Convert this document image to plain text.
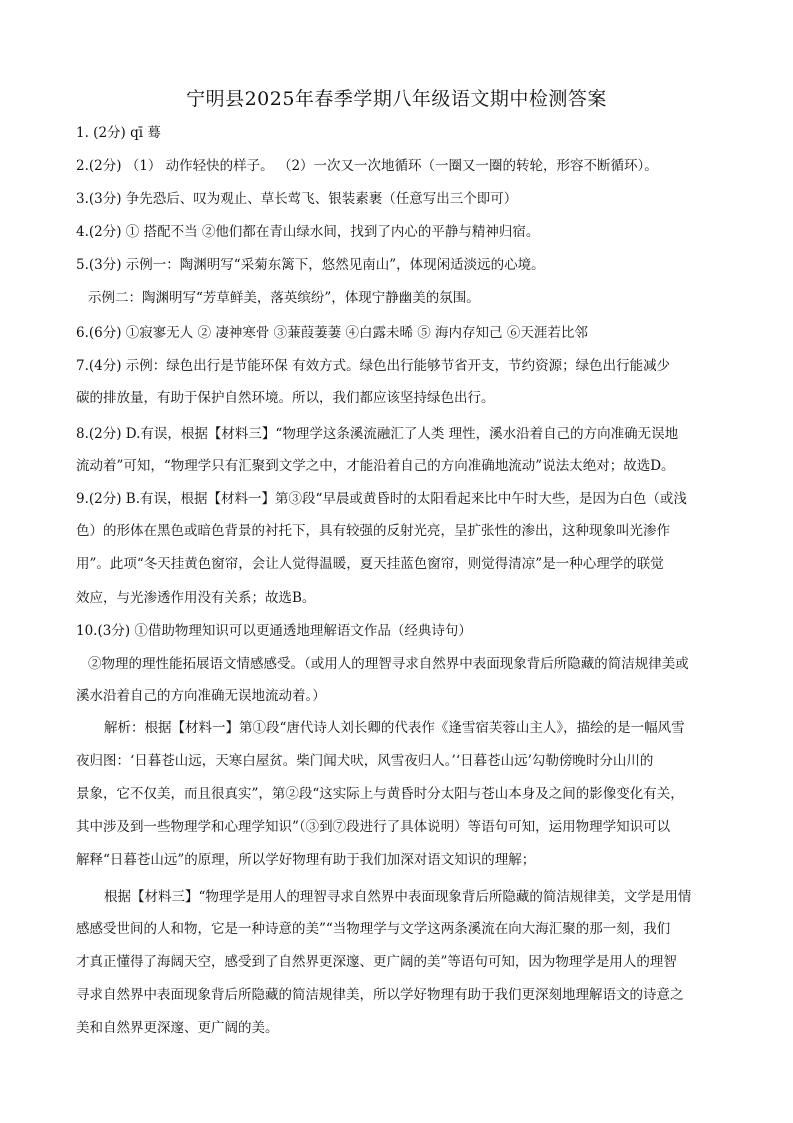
宁明县2025年春季学期八年级语文期中检测答案
1. (2分) qī 蓦
2.(2分) （1） 动作轻快的样子。 （2）一次又一次地循环（一圈又一圈的转轮，形容不断循环）。
3.(3分) 争先恐后、叹为观止、草长莺飞、银装素裹（任意写出三个即可）
4.(2分) ① 搭配不当 ②他们都在青山绿水间，找到了内心的平静与精神归宿。
5.(3分) 示例一：陶渊明写“采菊东篱下，悠然见南山”，体现闲适淡远的心境。
示例二：陶渊明写“芳草鲜美，落英缤纷”，体现宁静幽美的氛围。
6.(6分) ①寂寥无人 ② 凄神寒骨 ③蒹葭萋萋 ④白露未晞 ⑤ 海内存知己 ⑥天涯若比邻
7.(4分) 示例：绿色出行是节能环保 有效方式。绿色出行能够节省开支，节约资源；绿色出行能减少
碳的排放量，有助于保护自然环境。所以，我们都应该坚持绿色出行。
8.(2分) D.有误，根据【材料三】“物理学这条溪流融汇了人类 理性，溪水沿着自己的方向准确无误地
流动着”可知，“物理学只有汇聚到文学之中，才能沿着自己的方向准确地流动”说法太绝对；故选D。
9.(2分) B.有误，根据【材料一】第③段“早晨或黄昏时的太阳看起来比中午时大些，是因为白色（或浅
色）的形体在黑色或暗色背景的衬托下，具有较强的反射光亮，呈扩张性的渗出，这种现象叫光渗作
用”。此项“冬天挂黄色窗帘，会让人觉得温暖，夏天挂蓝色窗帘，则觉得清凉”是一种心理学的联觉
效应，与光渗透作用没有关系；故选B。
10.(3分) ①借助物理知识可以更通透地理解语文作品（经典诗句）
②物理的理性能拓展语文情感感受。（或用人的理智寻求自然界中表面现象背后所隐藏的简洁规律美或
溪水沿着自己的方向准确无误地流动着。）
解析：根据【材料一】第①段“唐代诗人刘长卿的代表作《逢雪宿芙蓉山主人》，描绘的是一幅风雪
夜归图：‘日暮苍山远，天寒白屋贫。柴门闻犬吠，风雪夜归人。’‘日暮苍山远’勾勒傍晚时分山川的
景象，它不仅美，而且很真实”，第②段“这实际上与黄昏时分太阳与苍山本身及之间的影像变化有关，
其中涉及到一些物理学和心理学知识”（③到⑦段进行了具体说明）等语句可知，运用物理学知识可以
解释“日暮苍山远”的原理，所以学好物理有助于我们加深对语文知识的理解；
根据【材料三】“物理学是用人的理智寻求自然界中表面现象背后所隐藏的简洁规律美，文学是用情
感感受世间的人和物，它是一种诗意的美”“当物理学与文学这两条溪流在向大海汇聚的那一刻，我们
才真正懂得了海阔天空，感受到了自然界更深邃、更广阔的美”等语句可知，因为物理学是用人的理智
寻求自然界中表面现象背后所隐藏的简洁规律美，所以学好物理有助于我们更深刻地理解语文的诗意之
美和自然界更深邃、更广阔的美。
